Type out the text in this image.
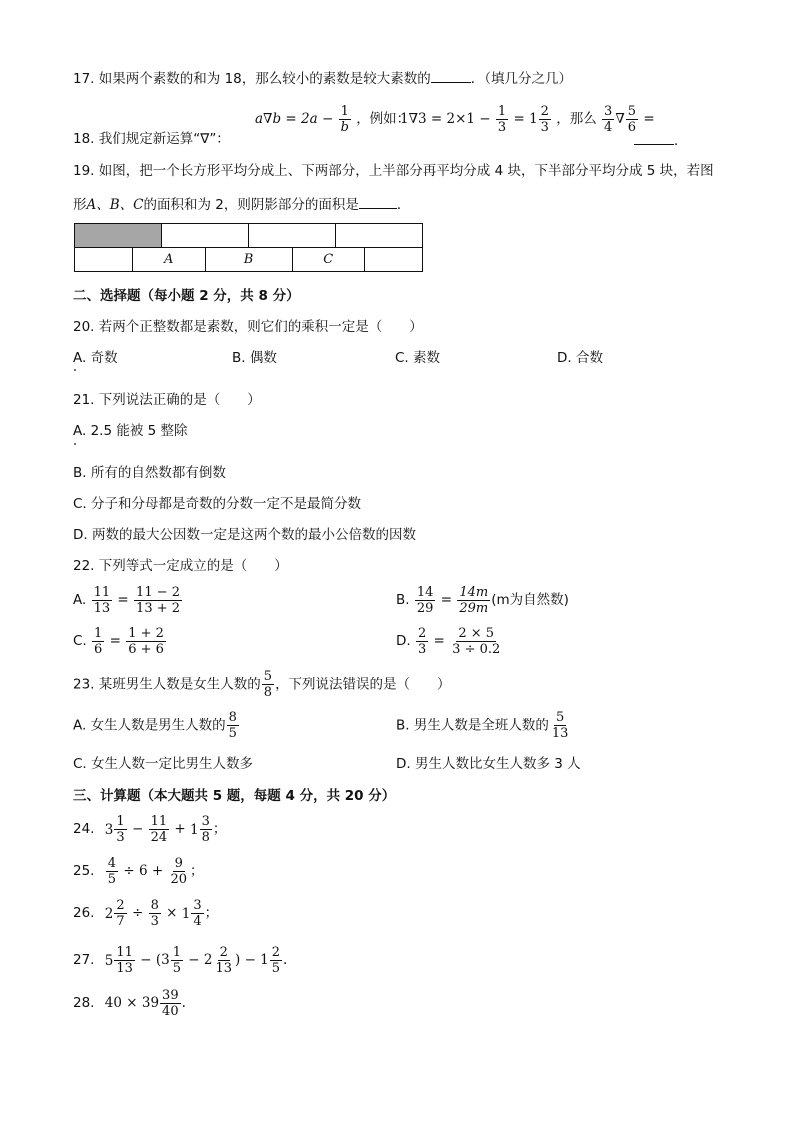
17. 如果两个素数的和为 18，那么较小的素数是较大素数的	．（填几分之几）
18. 我们规定新运算“∇”：
$a\nabla b = 2a - \frac{1}{b}$ ，例如：
$1\nabla 3 = 2\times 1 - \frac{1}{3} = 1 \frac{2}{3}$ ，那么 $\frac{3}{4}$ ∇ $\frac{5}{6}$ =
．
19. 如图，把一个长方形平均分成上、下两部分，上半部分再平均分成 4 块，下半部分平均分成 5 块，若图
形A、B、C的面积和为 2，则阴影部分的面积是	．

	A		B		C		
二、选择题（每小题 2 分，共 8 分）
20. 若两个正整数都是素数，则它们的乘积一定是（　　）
A. 奇数	B. 偶数	C. 素数	D. 合数
21. 下列说法正确的是（　　）
A. 2.5 能被 5 整除
B. 所有的自然数都有倒数
C. 分子和分母都是奇数的分数一定不是最简分数
D. 两数的最大公因数一定是这两个数的最小公倍数的因数
22. 下列等式一定成立的是（　　）
A. $\frac{11}{13} = \frac{11 - 2}{13 + 2}$	B. $\frac{14}{29} = \frac{14m}{29m} (m$为自然数)
C. $\frac{1}{6} = \frac{1 + 2}{6 + 6}$	D. $\frac{2}{3} = \frac{2 \times 5}{3 \div 0.2}$
23. 某班男生人数是女生人数的 $\frac{5}{8}$ ，下列说法错误的是（　　）
A. 女生人数是男生人数的 $\frac{8}{5}$	B. 男生人数是全班人数的 $\frac{5}{13}$
C. 女生人数一定比男生人数多	D. 男生人数比女生人数多 3 人
三、计算题（本大题共 5 题，每题 4 分，共 20 分）
24. $3 \frac{1}{3} - \frac{11}{24} + 1 \frac{3}{8}$ ；
25. $\frac{4}{5} \div 6 + \frac{9}{20}$ ；
26. $2 \frac{2}{7} \div \frac{8}{3} \times 1 \frac{3}{4}$ ；
27. $5 \frac{11}{13} - (3 \frac{1}{5} - 2 \frac{2}{13}$ ) − $1 \frac{2}{5}$ .
28. $40 \times 39 \frac{39}{40}$ .
